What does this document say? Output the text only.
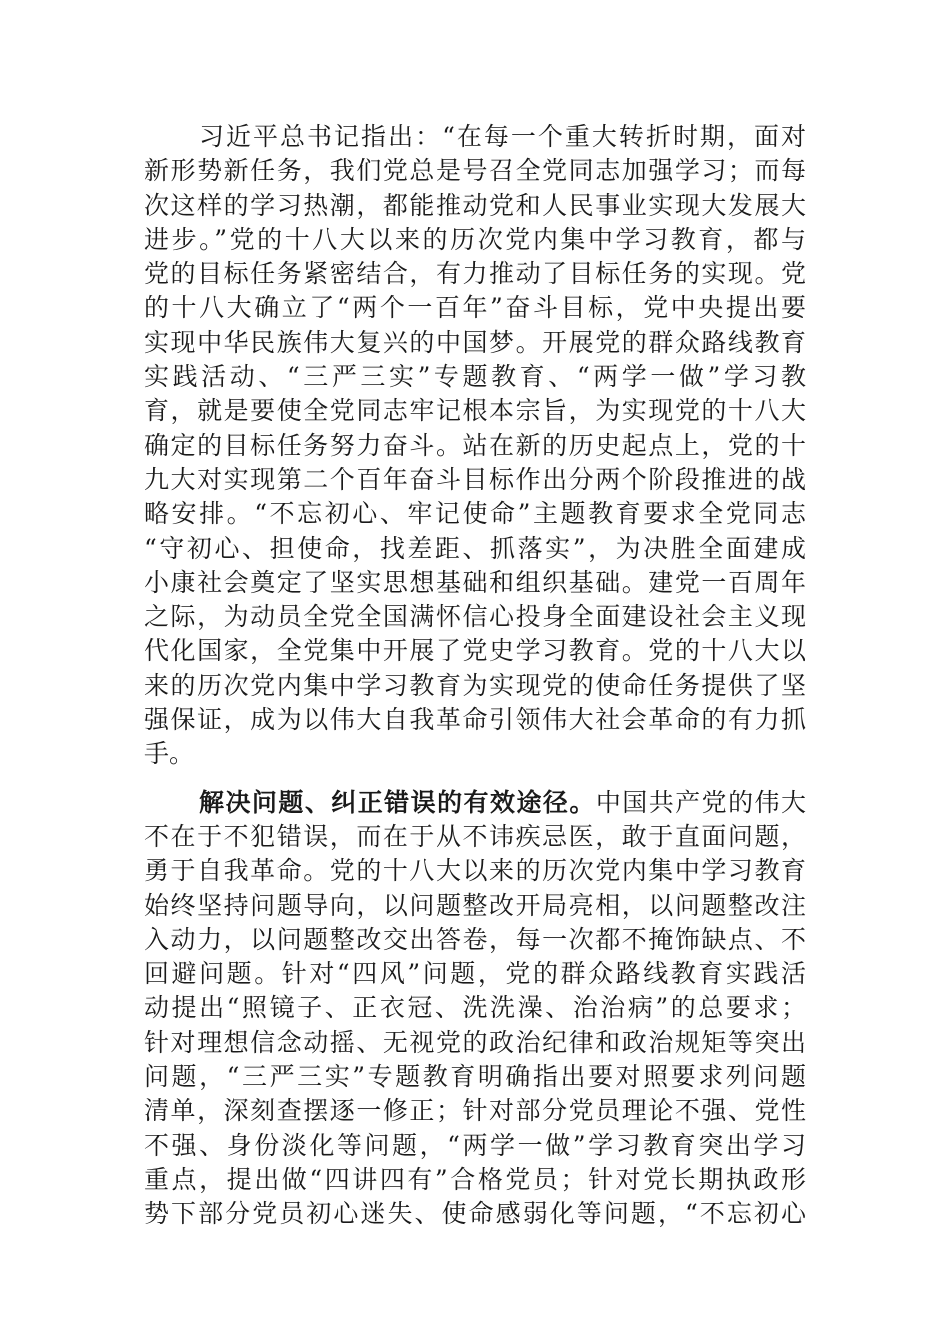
习近平总书记指出：“在每一个重大转折时期，面对
新形势新任务，我们党总是号召全党同志加强学习；而每
次这样的学习热潮，都能推动党和人民事业实现大发展大
进步。”党的十八大以来的历次党内集中学习教育，都与
党的目标任务紧密结合，有力推动了目标任务的实现。党
的十八大确立了“两个一百年”奋斗目标，党中央提出要
实现中华民族伟大复兴的中国梦。开展党的群众路线教育
实践活动、“三严三实”专题教育、“两学一做”学习教
育，就是要使全党同志牢记根本宗旨，为实现党的十八大
确定的目标任务努力奋斗。站在新的历史起点上，党的十
九大对实现第二个百年奋斗目标作出分两个阶段推进的战
略安排。“不忘初心、牢记使命”主题教育要求全党同志
“守初心、担使命，找差距、抓落实”，为决胜全面建成
小康社会奠定了坚实思想基础和组织基础。建党一百周年
之际，为动员全党全国满怀信心投身全面建设社会主义现
代化国家，全党集中开展了党史学习教育。党的十八大以
来的历次党内集中学习教育为实现党的使命任务提供了坚
强保证，成为以伟大自我革命引领伟大社会革命的有力抓
手。
解决问题、纠正错误的有效途径。中国共产党的伟大
不在于不犯错误，而在于从不讳疾忌医，敢于直面问题，
勇于自我革命。党的十八大以来的历次党内集中学习教育
始终坚持问题导向，以问题整改开局亮相，以问题整改注
入动力，以问题整改交出答卷，每一次都不掩饰缺点、不
回避问题。针对“四风”问题，党的群众路线教育实践活
动提出“照镜子、正衣冠、洗洗澡、治治病”的总要求；
针对理想信念动摇、无视党的政治纪律和政治规矩等突出
问题，“三严三实”专题教育明确指出要对照要求列问题
清单，深刻查摆逐一修正；针对部分党员理论不强、党性
不强、身份淡化等问题，“两学一做”学习教育突出学习
重点，提出做“四讲四有”合格党员；针对党长期执政形
势下部分党员初心迷失、使命感弱化等问题，“不忘初心
